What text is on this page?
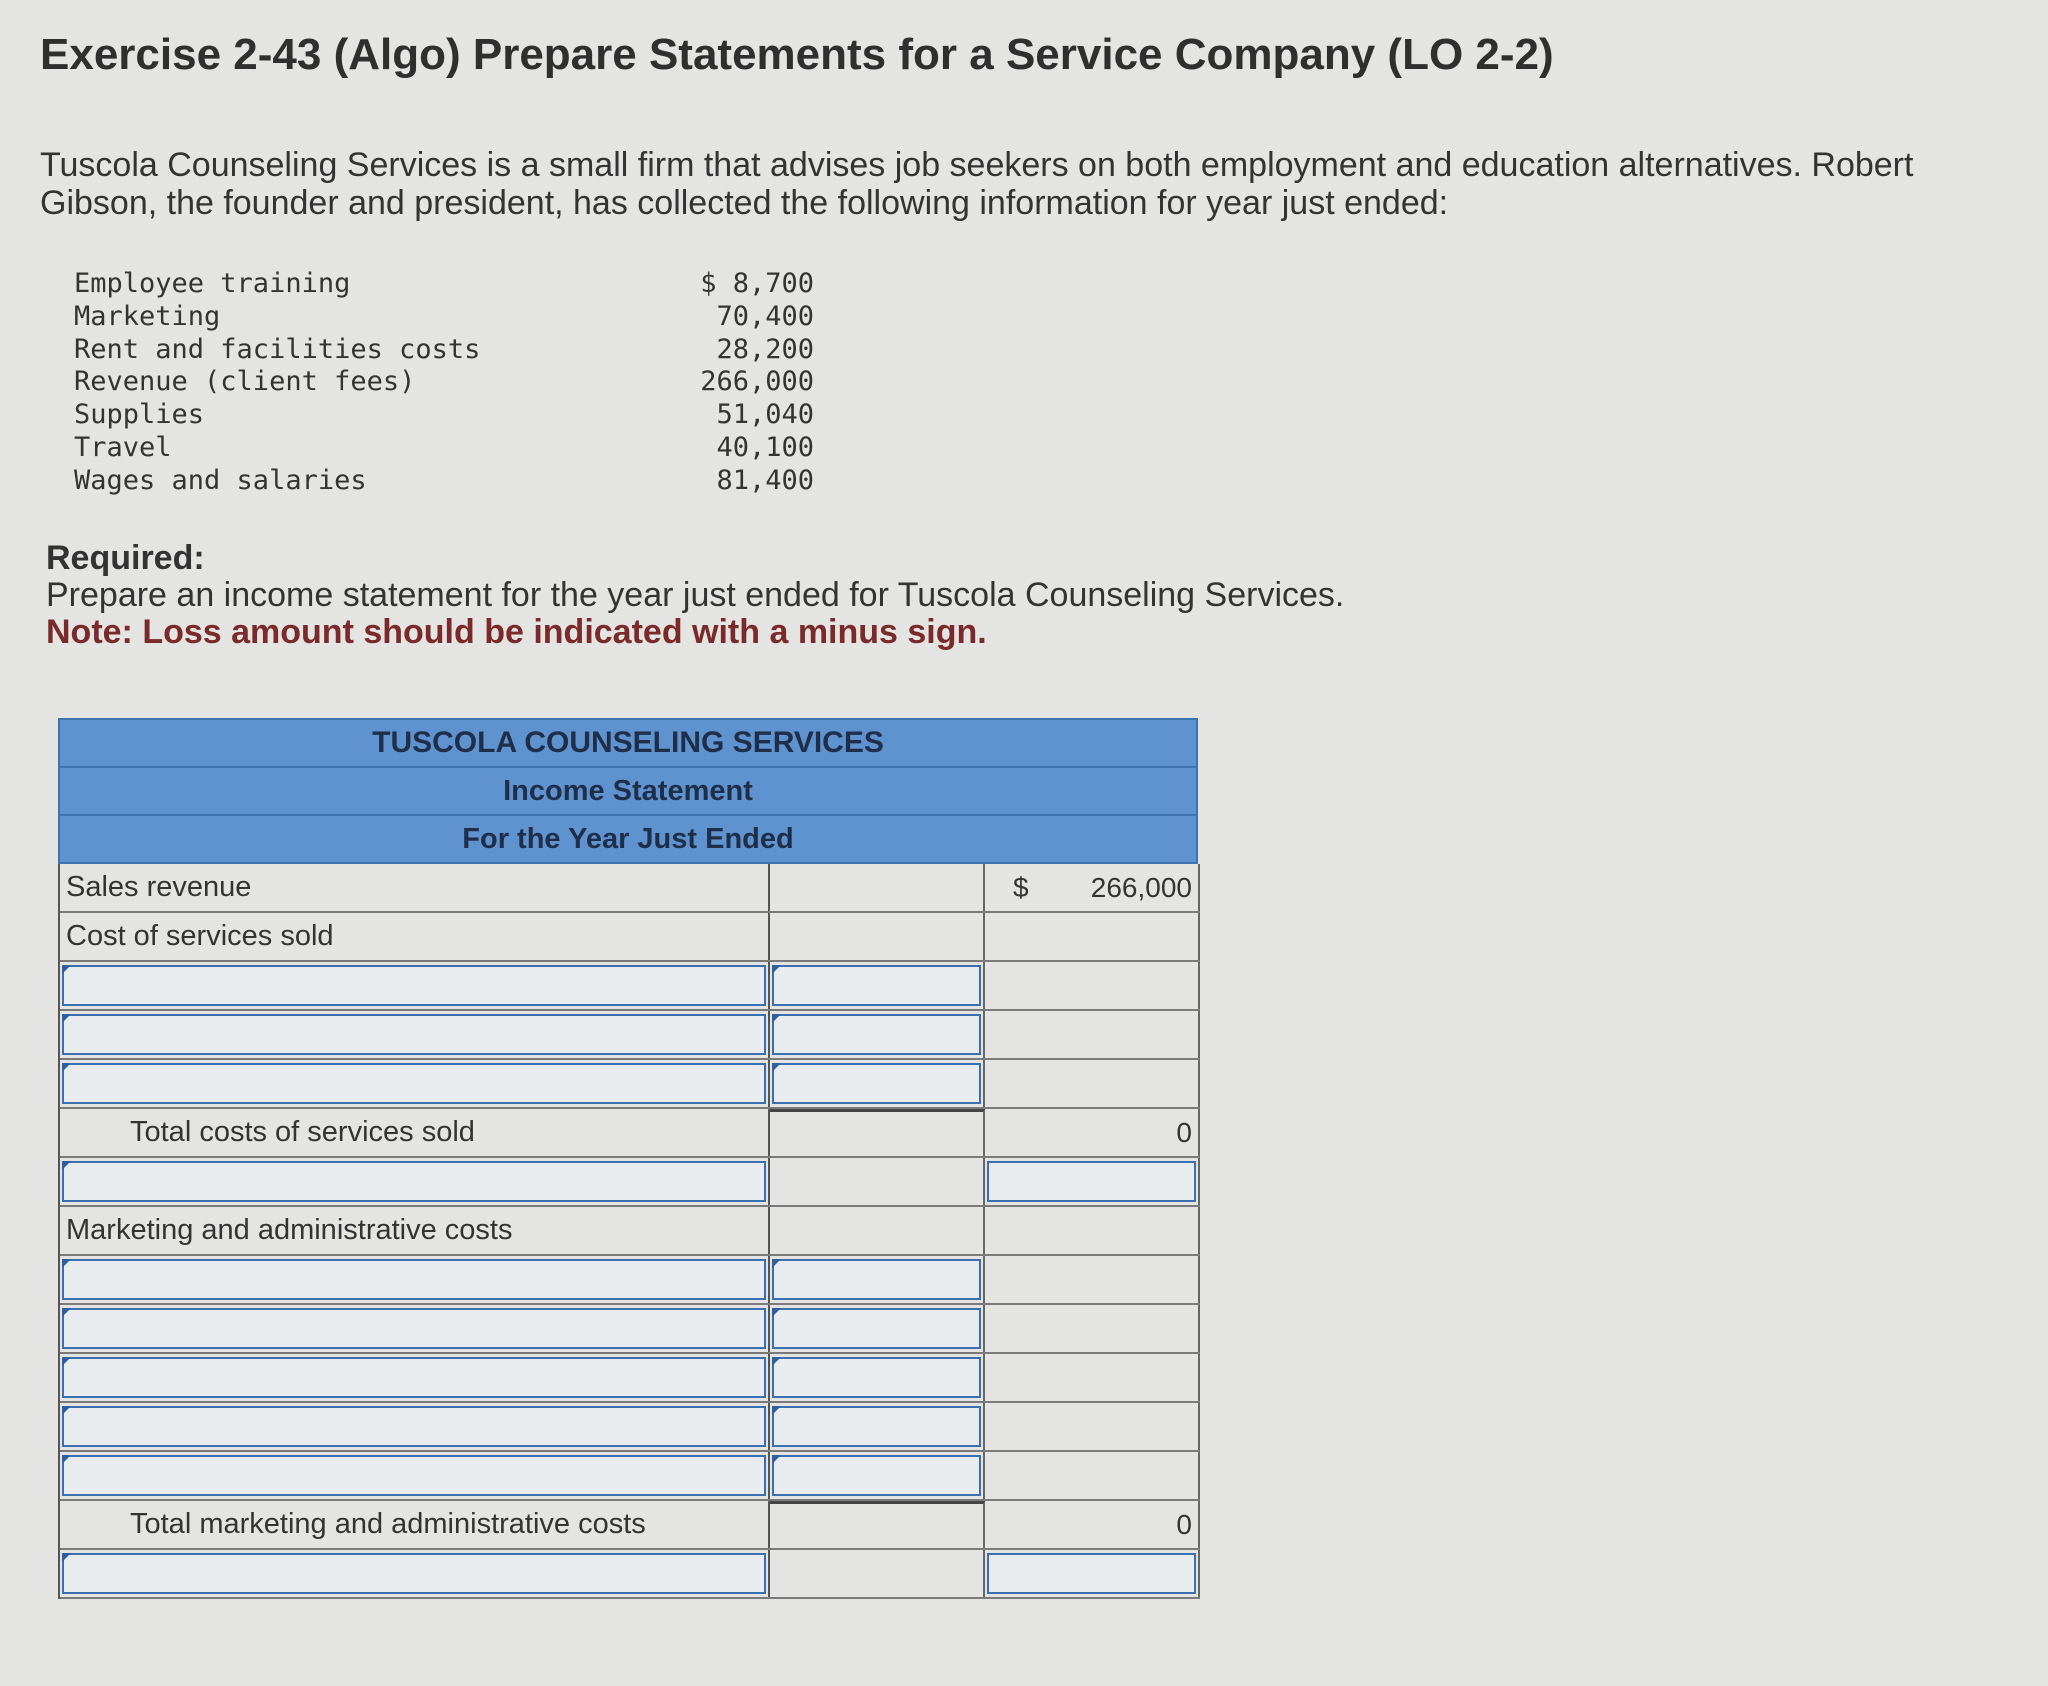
Exercise 2-43 (Algo) Prepare Statements for a Service Company (LO 2-2)
Tuscola Counseling Services is a small firm that advises job seekers on both employment and education alternatives. Robert Gibson, the founder and president, has collected the following information for year just ended:
Employee training	$ 8,700
Marketing	70,400
Rent and facilities costs	28,200
Revenue (client fees)	266,000
Supplies	51,040
Travel	40,100
Wages and salaries	81,400
Required:
Prepare an income statement for the year just ended for Tuscola Counseling Services.
Note: Loss amount should be indicated with a minus sign.
TUSCOLA COUNSELING SERVICES
Income Statement
For the Year Just Ended
Sales revenue	$	266,000
Cost of services sold
Total costs of services sold	0
Marketing and administrative costs
Total marketing and administrative costs	0
